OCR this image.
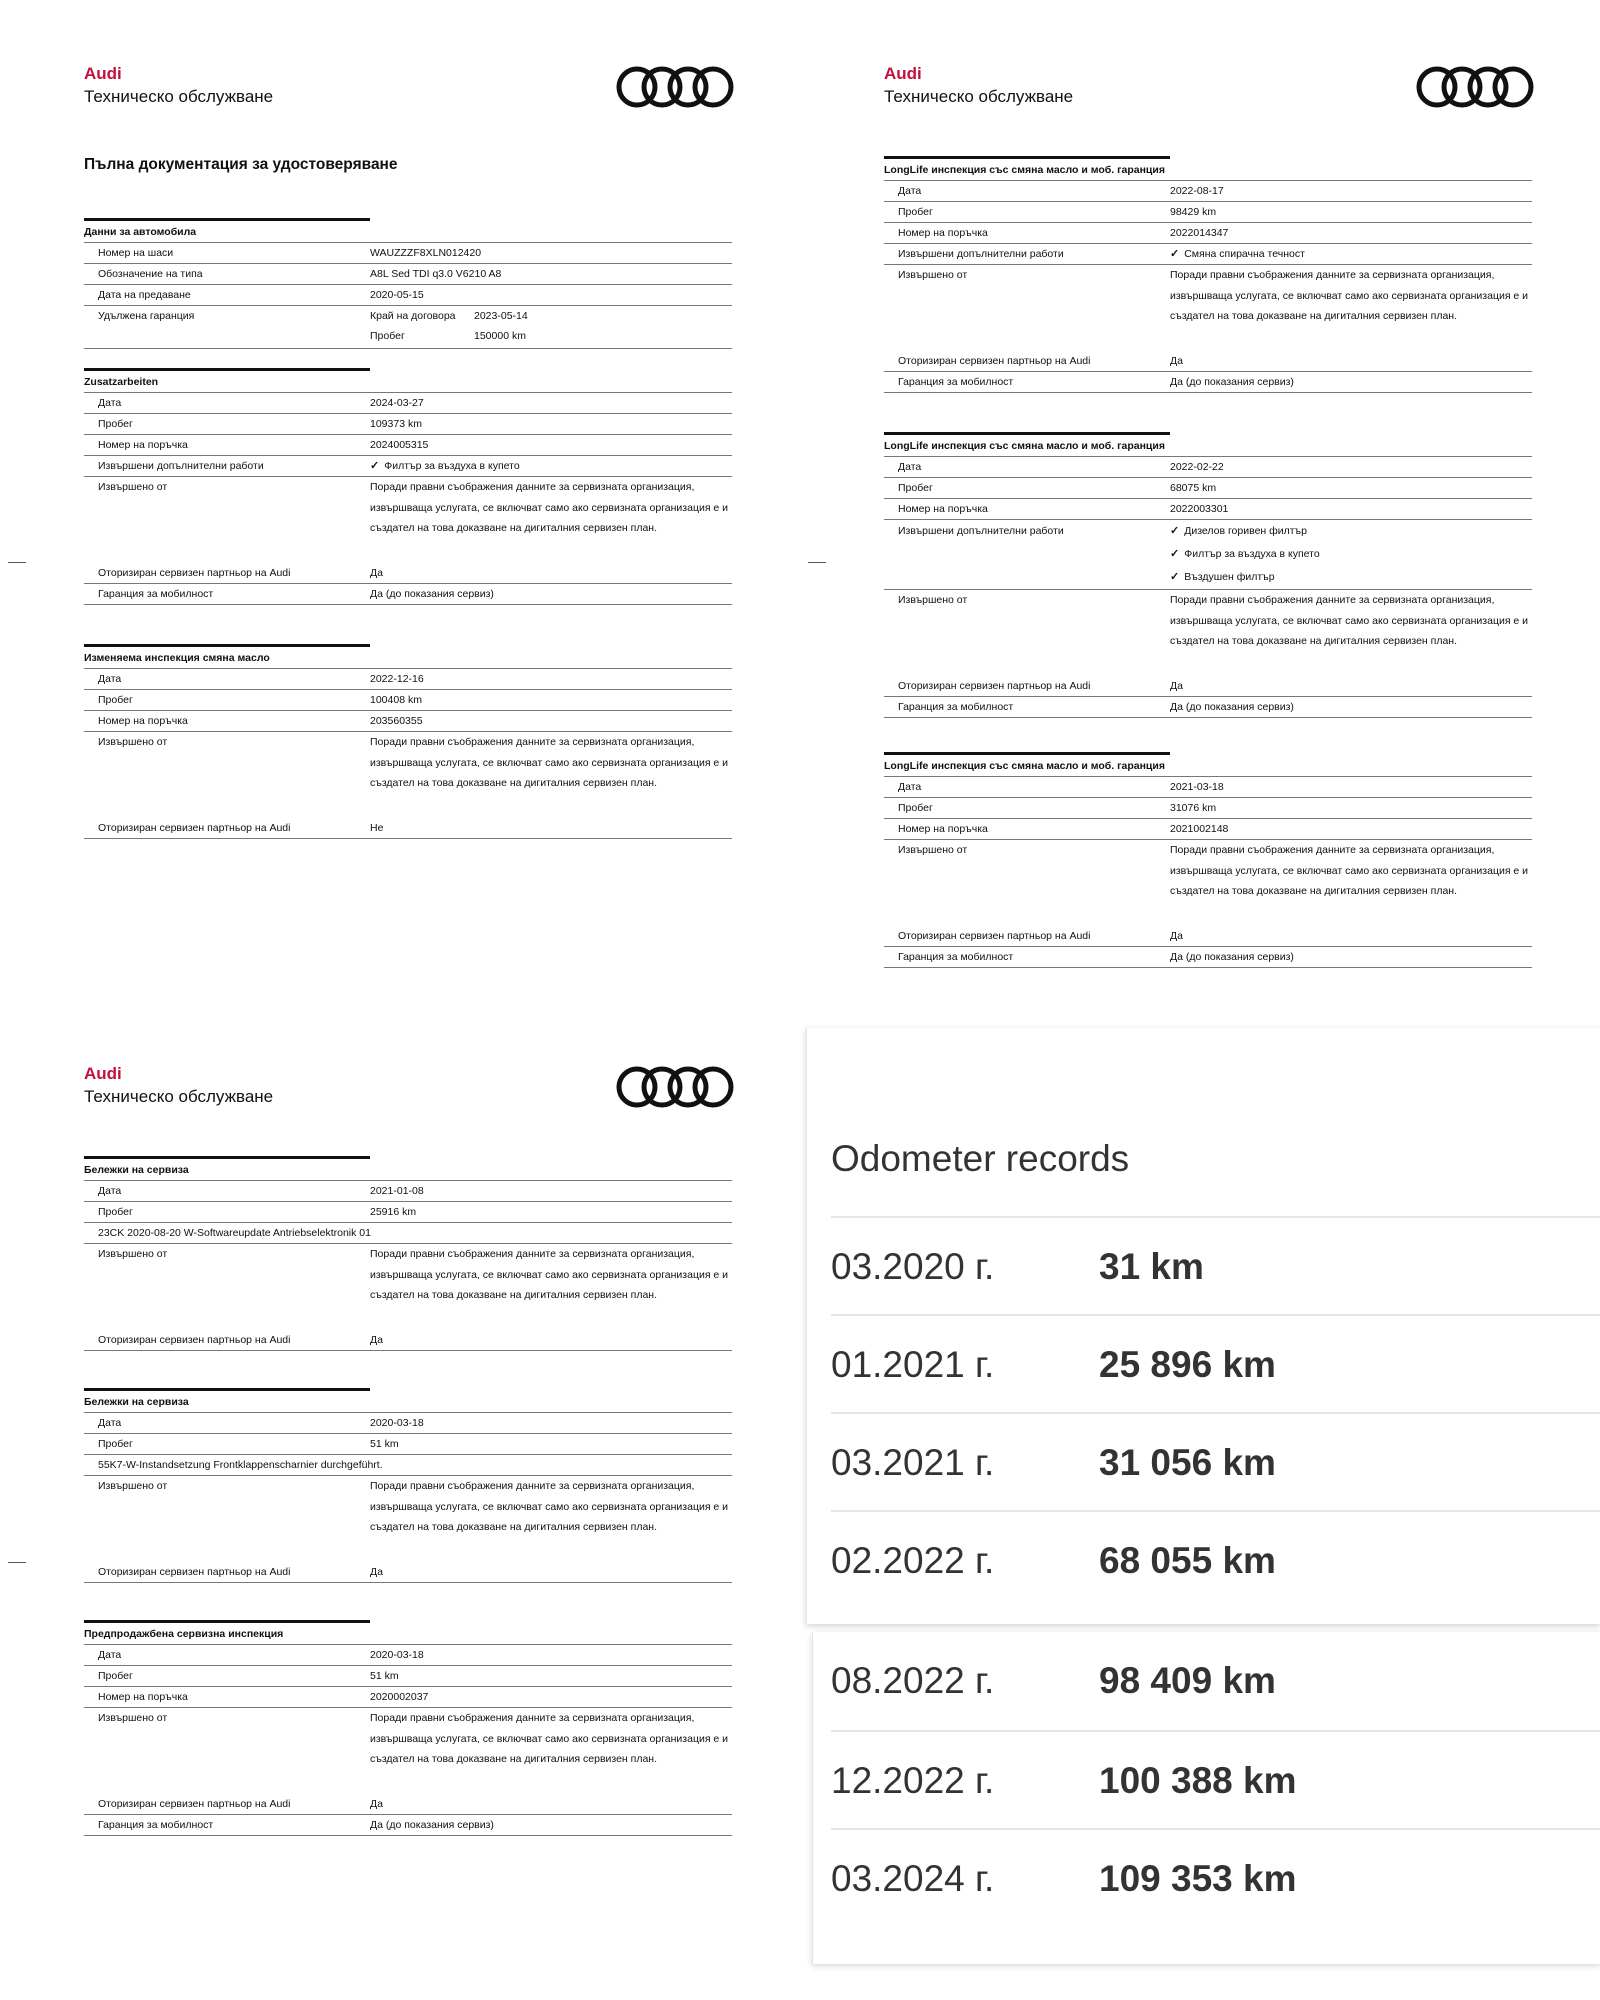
Audi
Техническо обслужване
Пълна документация за удостоверяване
Данни за автомобила
Номер на шаси	WAUZZZF8XLN012420
Обозначение на типа	A8L Sed TDI q3.0 V6210 A8
Дата на предаване	2020-05-15
Удължена гаранция	Край на договора	2023-05-14
Пробег	150000 km
Zusatzarbeiten
Дата	2024-03-27
Пробег	109373 km
Номер на поръчка	2024005315
Извършени допълнителни работи	✓ Филтър за въздуха в купето
Извършено от	Поради правни съображения данните за сервизната организация, извършваща услугата, се включват само ако сервизната организация е и създател на това доказване на дигиталния сервизен план.
Оторизиран сервизен партньор на Audi	Да
Гаранция за мобилност	Да (до показания сервиз)
Изменяема инспекция смяна масло
Дата	2022-12-16
Пробег	100408 km
Номер на поръчка	203560355
Извършено от	Поради правни съображения данните за сервизната организация, извършваща услугата, се включват само ако сервизната организация е и създател на това доказване на дигиталния сервизен план.
Оторизиран сервизен партньор на Audi	Не
Audi
Техническо обслужване
LongLife инспекция със смяна масло и моб. гаранция
Дата	2022-08-17
Пробег	98429 km
Номер на поръчка	2022014347
Извършени допълнителни работи	✓ Смяна спирачна течност
Извършено от	Поради правни съображения данните за сервизната организация, извършваща услугата, се включват само ако сервизната организация е и създател на това доказване на дигиталния сервизен план.
Оторизиран сервизен партньор на Audi	Да
Гаранция за мобилност	Да (до показания сервиз)
LongLife инспекция със смяна масло и моб. гаранция
Дата	2022-02-22
Пробег	68075 km
Номер на поръчка	2022003301
Извършени допълнителни работи	✓ Дизелов горивен филтър
✓ Филтър за въздуха в купето
✓ Въздушен филтър
Извършено от	Поради правни съображения данните за сервизната организация, извършваща услугата, се включват само ако сервизната организация е и създател на това доказване на дигиталния сервизен план.
Оторизиран сервизен партньор на Audi	Да
Гаранция за мобилност	Да (до показания сервиз)
LongLife инспекция със смяна масло и моб. гаранция
Дата	2021-03-18
Пробег	31076 km
Номер на поръчка	2021002148
Извършено от	Поради правни съображения данните за сервизната организация, извършваща услугата, се включват само ако сервизната организация е и създател на това доказване на дигиталния сервизен план.
Оторизиран сервизен партньор на Audi	Да
Гаранция за мобилност	Да (до показания сервиз)
Audi
Техническо обслужване
Бележки на сервиза
Дата	2021-01-08
Пробег	25916 km
23CK 2020-08-20 W-Softwareupdate Antriebselektronik 01
Извършено от	Поради правни съображения данните за сервизната организация, извършваща услугата, се включват само ако сервизната организация е и създател на това доказване на дигиталния сервизен план.
Оторизиран сервизен партньор на Audi	Да
Бележки на сервиза
Дата	2020-03-18
Пробег	51 km
55K7-W-Instandsetzung Frontklappenscharnier durchgeführt.
Извършено от	Поради правни съображения данните за сервизната организация, извършваща услугата, се включват само ако сервизната организация е и създател на това доказване на дигиталния сервизен план.
Оторизиран сервизен партньор на Audi	Да
Предпродажбена сервизна инспекция
Дата	2020-03-18
Пробег	51 km
Номер на поръчка	2020002037
Извършено от	Поради правни съображения данните за сервизната организация, извършваща услугата, се включват само ако сервизната организация е и създател на това доказване на дигиталния сервизен план.
Оторизиран сервизен партньор на Audi	Да
Гаранция за мобилност	Да (до показания сервиз)
Odometer records
03.2020 г.	31 km
01.2021 г.	25 896 km
03.2021 г.	31 056 km
02.2022 г.	68 055 km
08.2022 г.	98 409 km
12.2022 г.	100 388 km
03.2024 г.	109 353 km
